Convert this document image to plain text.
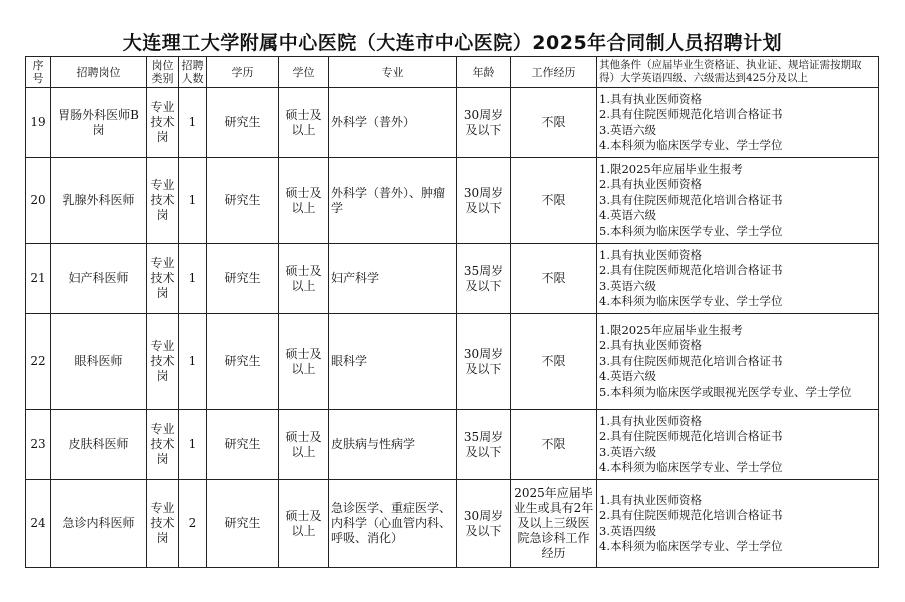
大连理工大学附属中心医院（大连市中心医院）2025年合同制人员招聘计划
序号	招聘岗位	岗位类别	招聘人数	学历	学位	专业	年龄	工作经历	其他条件（应届毕业生资格证、执业证、规培证需按期取得）大学英语四级、六级需达到425分及以上
19	胃肠外科医师B岗	专业技术岗	1	研究生	硕士及以上	外科学（普外）	30周岁及以下	不限	1.具有执业医师资格
2.具有住院医师规范化培训合格证书
3.英语六级
4.本科须为临床医学专业、学士学位

20	乳腺外科医师	专业技术岗	1	研究生	硕士及以上	外科学（普外）、肿瘤学	30周岁及以下	不限	1.限2025年应届毕业生报考
2.具有执业医师资格
3.具有住院医师规范化培训合格证书
4.英语六级
5.本科须为临床医学专业、学士学位

21	妇产科医师	专业技术岗	1	研究生	硕士及以上	妇产科学	35周岁及以下	不限	1.具有执业医师资格
2.具有住院医师规范化培训合格证书
3.英语六级
4.本科须为临床医学专业、学士学位

22	眼科医师	专业技术岗	1	研究生	硕士及以上	眼科学	30周岁及以下	不限	1.限2025年应届毕业生报考
2.具有执业医师资格
3.具有住院医师规范化培训合格证书
4.英语六级
5.本科须为临床医学或眼视光医学专业、学士学位

23	皮肤科医师	专业技术岗	1	研究生	硕士及以上	皮肤病与性病学	35周岁及以下	不限	1.具有执业医师资格
2.具有住院医师规范化培训合格证书
3.英语六级
4.本科须为临床医学专业、学士学位

24	急诊内科医师	专业技术岗	2	研究生	硕士及以上	急诊医学、重症医学、内科学（心血管内科、呼吸、消化）	30周岁及以下	2025年应届毕业生或具有2年及以上三级医院急诊科工作经历	1.具有执业医师资格
2.具有住院医师规范化培训合格证书
3.英语四级
4.本科须为临床医学专业、学士学位
